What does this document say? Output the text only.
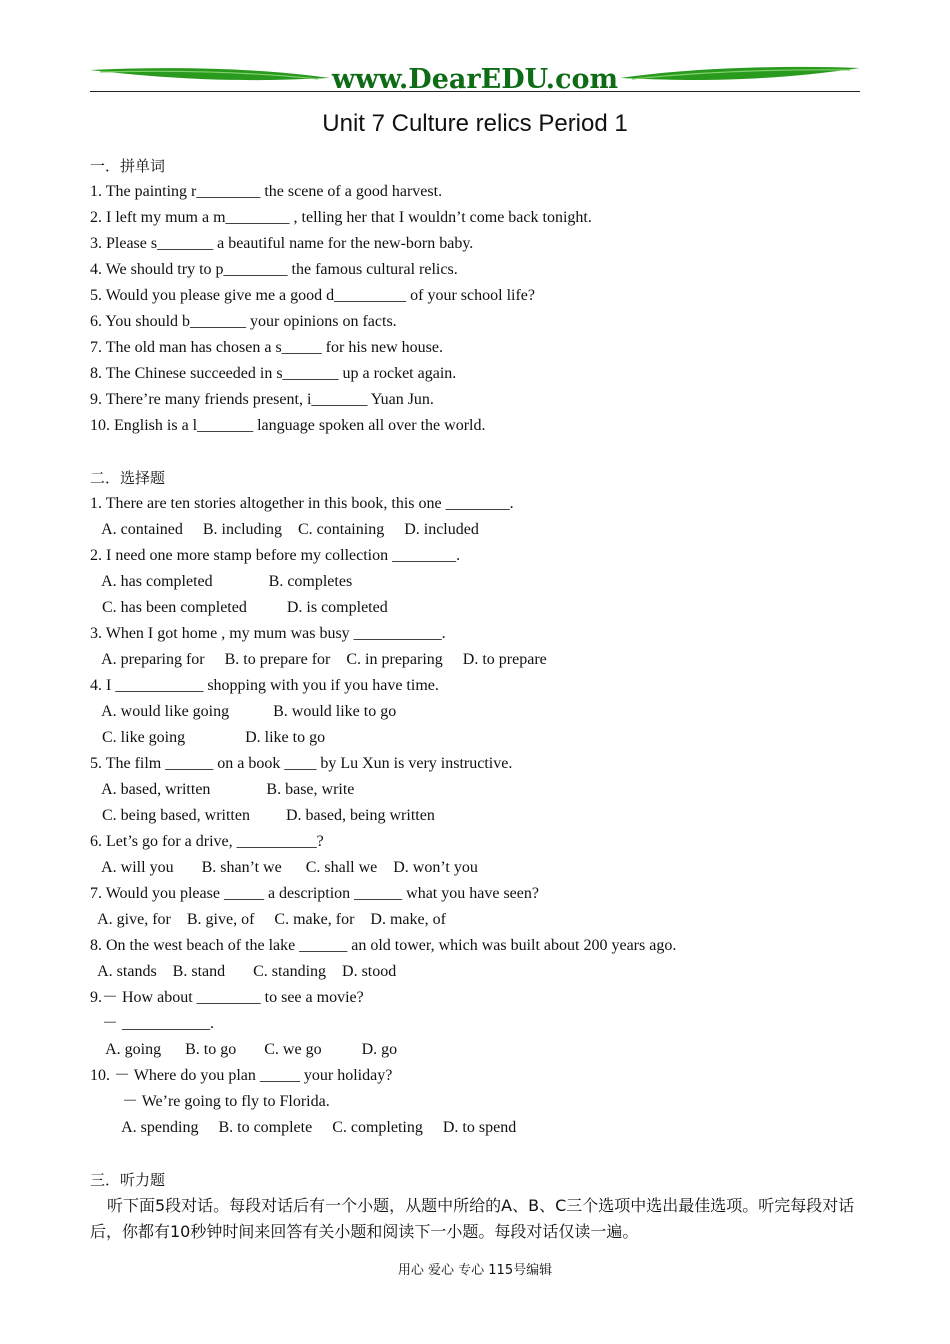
www.DearEDU.com
Unit 7 Culture relics Period 1
一．拼单词
1. The painting r________ the scene of a good harvest.
2. I left my mum a m________ , telling her that I wouldn’t come back tonight.
3. Please s_______ a beautiful name for the new-born baby.
4. We should try to p________ the famous cultural relics.
5. Would you please give me a good d_________ of your school life?
6. You should b_______ your opinions on facts.
7. The old man has chosen a s_____ for his new house.
8. The Chinese succeeded in s_______ up a rocket again.
9. There’re many friends present, i_______ Yuan Jun.
10. English is a l_______ language spoken all over the world.
二．选择题
1. There are ten stories altogether in this book, this one ________.
A. contained     B. including    C. containing     D. included
2. I need one more stamp before my collection ________.
A. has completed              B. completes
C. has been completed          D. is completed
3. When I got home , my mum was busy ___________.
A. preparing for     B. to prepare for    C. in preparing     D. to prepare
4. I ___________ shopping with you if you have time.
A. would like going           B. would like to go
C. like going               D. like to go
5. The film ______ on a book ____ by Lu Xun is very instructive.
A. based, written              B. base, write
C. being based, written         D. based, being written
6. Let’s go for a drive, __________?
A. will you       B. shan’t we      C. shall we    D. won’t you
7. Would you please _____ a description ______ what you have seen?
A. give, for    B. give, of     C. make, for    D. make, of
8. On the west beach of the lake ______ an old tower, which was built about 200 years ago.
A. stands    B. stand       C. standing    D. stood
9.－ How about ________ to see a movie?
－ ___________.
A. going      B. to go       C. we go          D. go
10. － Where do you plan _____ your holiday?
－ We’re going to fly to Florida.
A. spending     B. to complete     C. completing     D. to spend
三．听力题
听下面5段对话。每段对话后有一个小题，从题中所给的A、B、C三个选项中选出最佳选项。听完每段对话后，你都有10秒钟时间来回答有关小题和阅读下一小题。每段对话仅读一遍。
用心 爱心 专心 115号编辑
